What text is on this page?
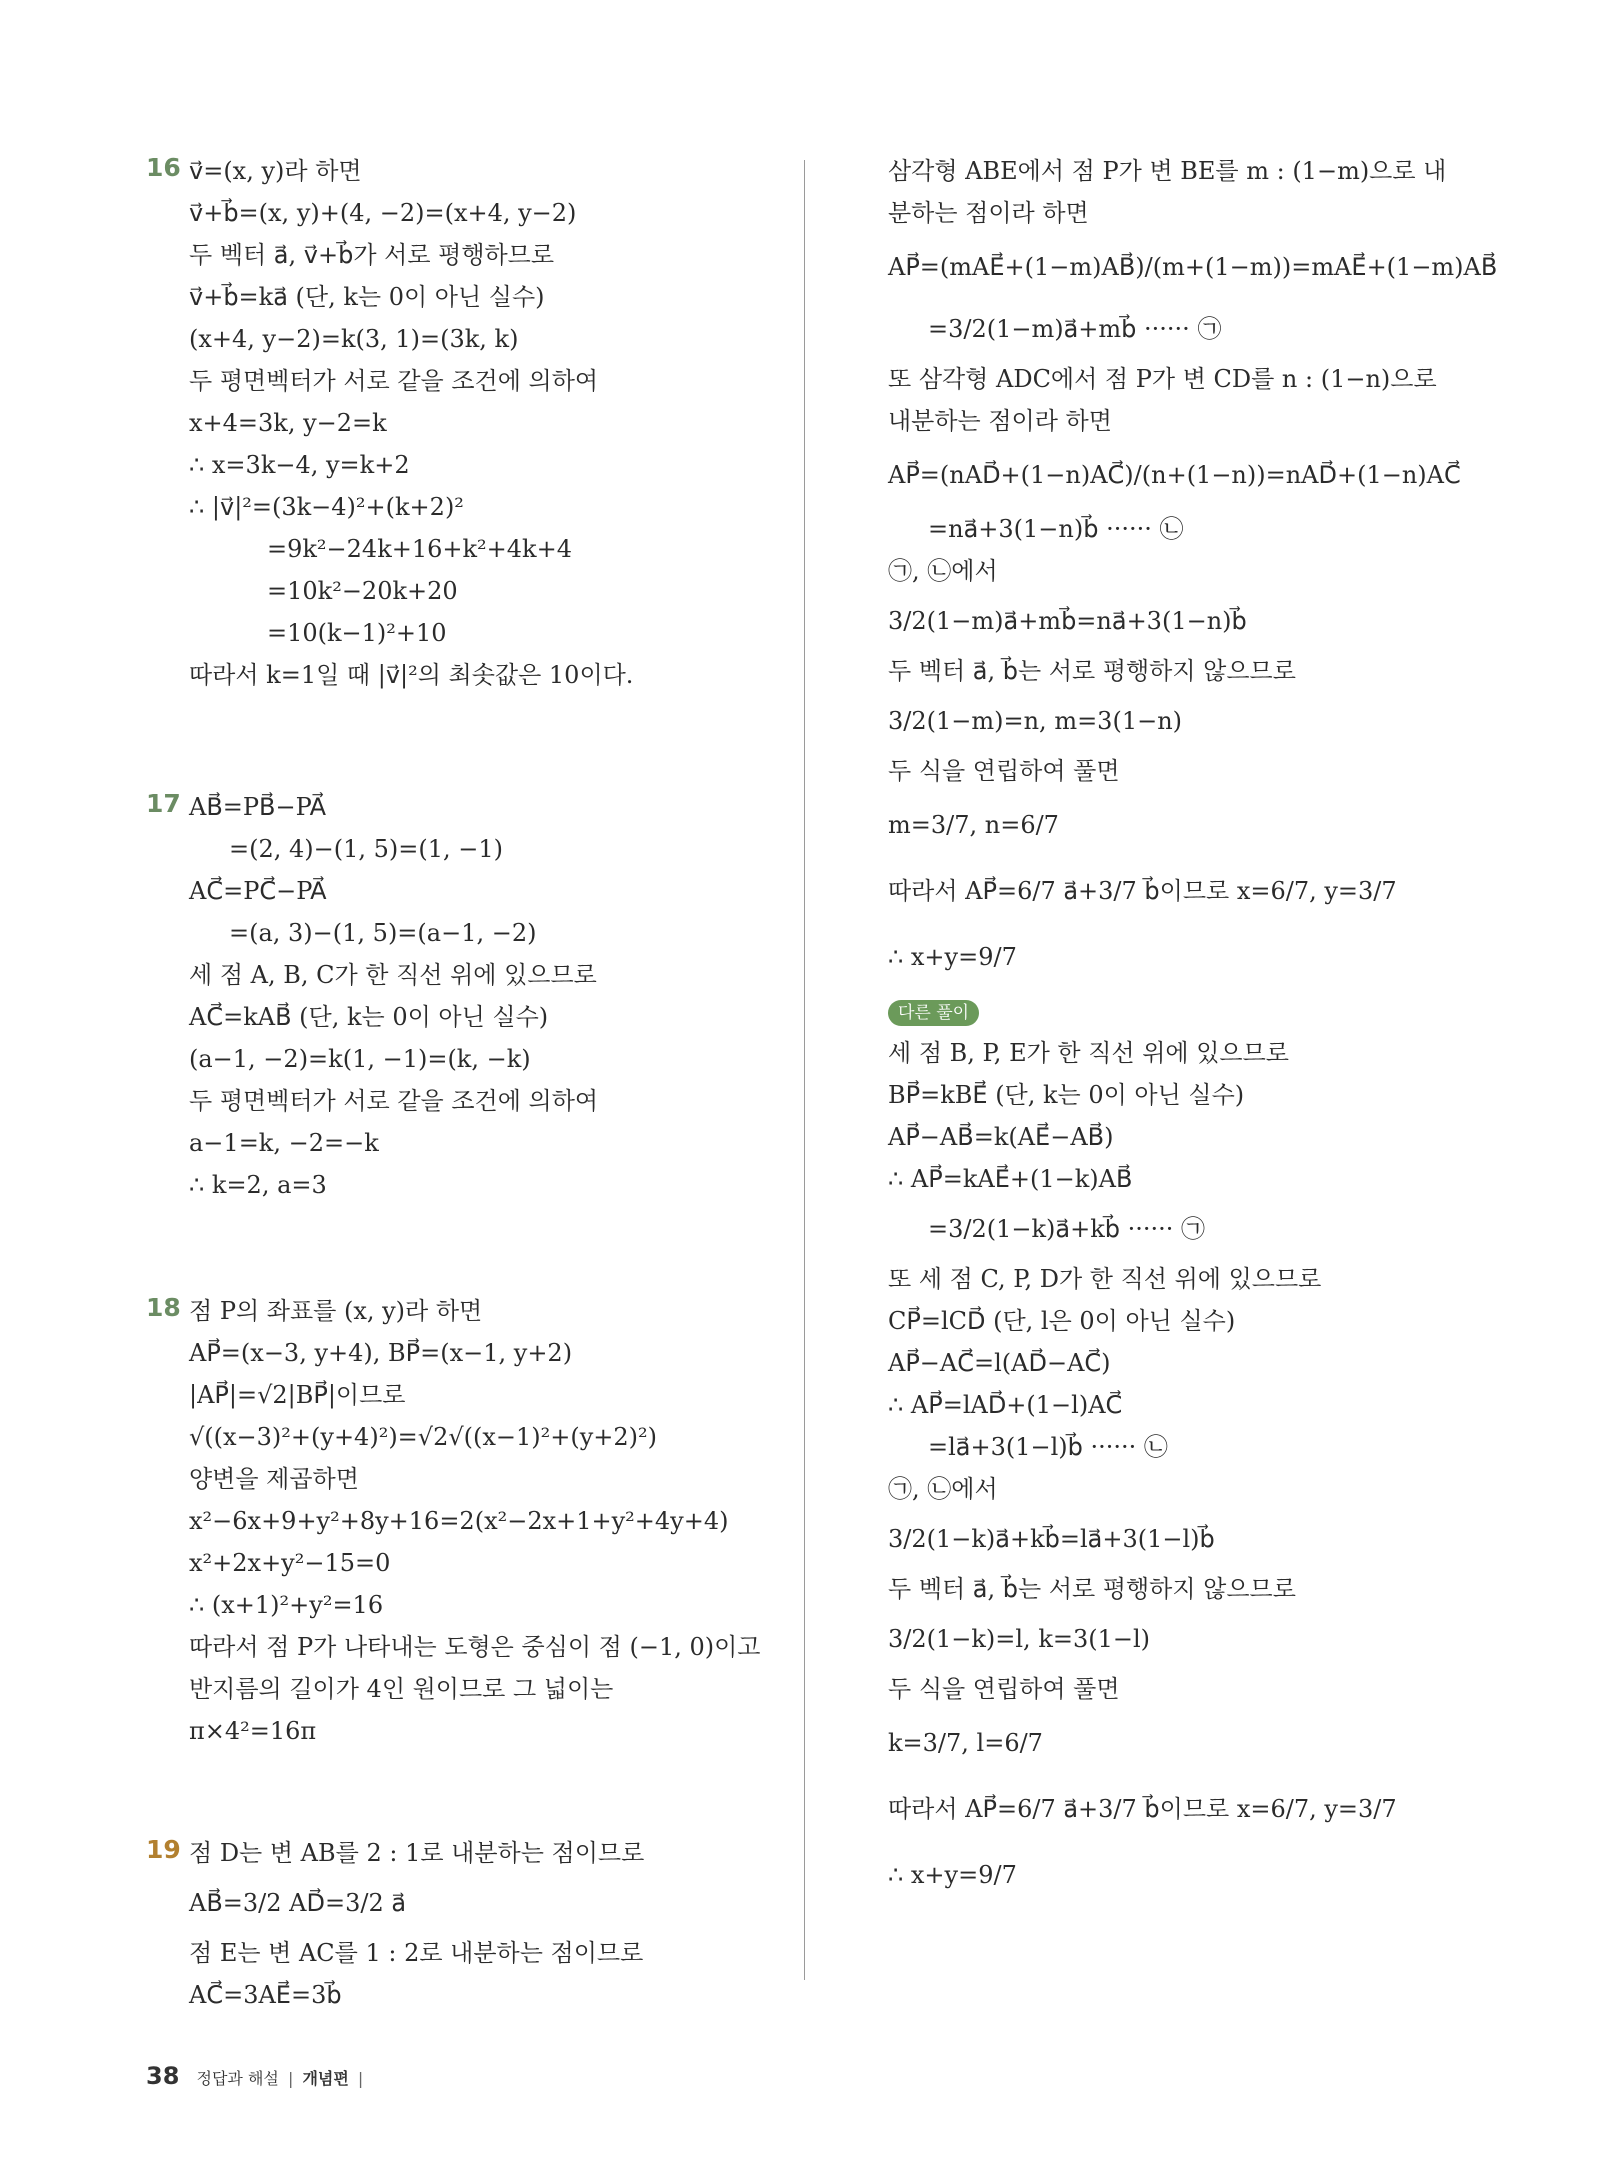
16 v⃗=(x, y)라 하면
v⃗+b⃗=(x, y)+(4, −2)=(x+4, y−2)
두 벡터 a⃗, v⃗+b⃗가 서로 평행하므로
v⃗+b⃗=ka⃗ (단, k는 0이 아닌 실수)
(x+4, y−2)=k(3, 1)=(3k, k)
두 평면벡터가 서로 같을 조건에 의하여
x+4=3k, y−2=k
∴ x=3k−4, y=k+2
∴ |v⃗|²=(3k−4)²+(k+2)²
=9k²−24k+16+k²+4k+4
=10k²−20k+20
=10(k−1)²+10
따라서 k=1일 때 |v⃗|²의 최솟값은 10이다.
17 AB⃗=PB⃗−PA⃗
=(2, 4)−(1, 5)=(1, −1)
AC⃗=PC⃗−PA⃗
=(a, 3)−(1, 5)=(a−1, −2)
세 점 A, B, C가 한 직선 위에 있으므로
AC⃗=kAB⃗ (단, k는 0이 아닌 실수)
(a−1, −2)=k(1, −1)=(k, −k)
두 평면벡터가 서로 같을 조건에 의하여
a−1=k, −2=−k
∴ k=2, a=3
18 점 P의 좌표를 (x, y)라 하면
AP⃗=(x−3, y+4), BP⃗=(x−1, y+2)
|AP⃗|=√2|BP⃗|이므로
√((x−3)²+(y+4)²)=√2√((x−1)²+(y+2)²)
양변을 제곱하면
x²−6x+9+y²+8y+16=2(x²−2x+1+y²+4y+4)
x²+2x+y²−15=0
∴ (x+1)²+y²=16
따라서 점 P가 나타내는 도형은 중심이 점 (−1, 0)이고
반지름의 길이가 4인 원이므로 그 넓이는
π×4²=16π
19 점 D는 변 AB를 2 : 1로 내분하는 점이므로
AB⃗=3/2 AD⃗=3/2 a⃗
점 E는 변 AC를 1 : 2로 내분하는 점이므로
AC⃗=3AE⃗=3b⃗
삼각형 ABE에서 점 P가 변 BE를 m : (1−m)으로 내
분하는 점이라 하면
AP⃗=(mAE⃗+(1−m)AB⃗)/(m+(1−m))=mAE⃗+(1−m)AB⃗
=3/2(1−m)a⃗+mb⃗ ······ ㉠
또 삼각형 ADC에서 점 P가 변 CD를 n : (1−n)으로
내분하는 점이라 하면
AP⃗=(nAD⃗+(1−n)AC⃗)/(n+(1−n))=nAD⃗+(1−n)AC⃗
=na⃗+3(1−n)b⃗ ······ ㉡
㉠, ㉡에서
3/2(1−m)a⃗+mb⃗=na⃗+3(1−n)b⃗
두 벡터 a⃗, b⃗는 서로 평행하지 않으므로
3/2(1−m)=n, m=3(1−n)
두 식을 연립하여 풀면
m=3/7, n=6/7
따라서 AP⃗=6/7 a⃗+3/7 b⃗이므로 x=6/7, y=3/7
∴ x+y=9/7
다른 풀이
세 점 B, P, E가 한 직선 위에 있으므로
BP⃗=kBE⃗ (단, k는 0이 아닌 실수)
AP⃗−AB⃗=k(AE⃗−AB⃗)
∴ AP⃗=kAE⃗+(1−k)AB⃗
=3/2(1−k)a⃗+kb⃗ ······ ㉠
또 세 점 C, P, D가 한 직선 위에 있으므로
CP⃗=lCD⃗ (단, l은 0이 아닌 실수)
AP⃗−AC⃗=l(AD⃗−AC⃗)
∴ AP⃗=lAD⃗+(1−l)AC⃗
=la⃗+3(1−l)b⃗ ······ ㉡
㉠, ㉡에서
3/2(1−k)a⃗+kb⃗=la⃗+3(1−l)b⃗
두 벡터 a⃗, b⃗는 서로 평행하지 않으므로
3/2(1−k)=l, k=3(1−l)
두 식을 연립하여 풀면
k=3/7, l=6/7
따라서 AP⃗=6/7 a⃗+3/7 b⃗이므로 x=6/7, y=3/7
∴ x+y=9/7
38 정답과 해설 | 개념편 |
